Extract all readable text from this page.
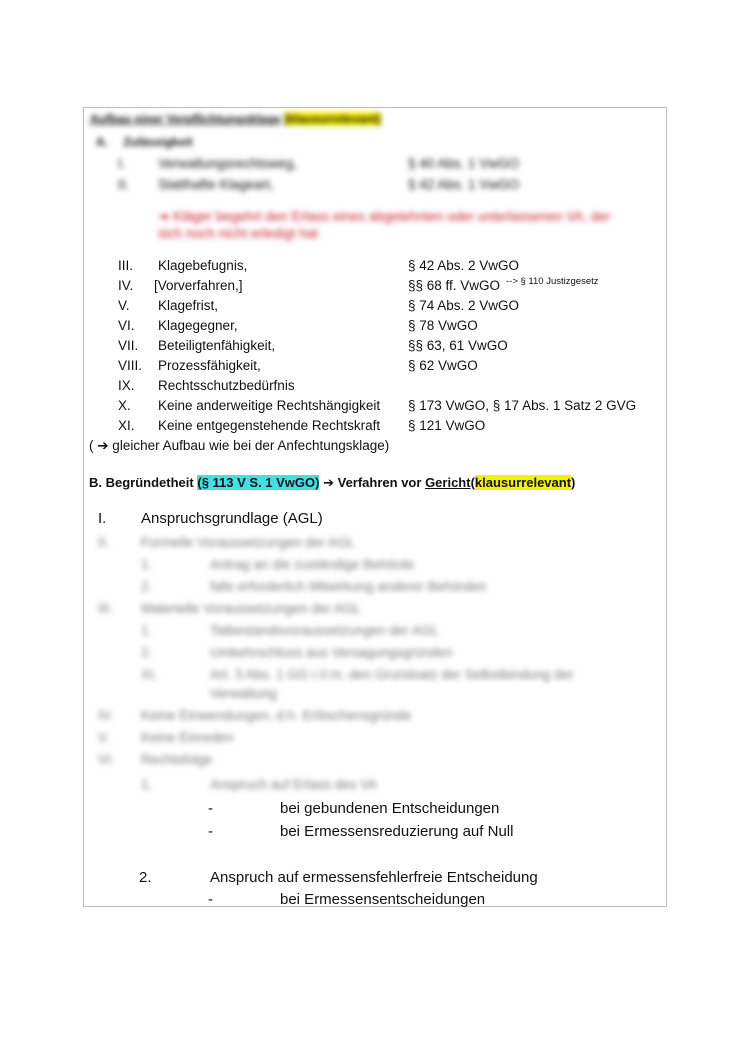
Aufbau einer Verpflichtungsklage (klausurrelevant)
A. Zulässigkeit
I. Verwaltungsrechtsweg,	§ 40 Abs. 1 VwGO
II. Statthafte Klageart,	§ 42 Abs. 1 VwGO
➔ Kläger begehrt den Erlass eines abgelehnten oder unterlassenen VA, der
sich noch nicht erledigt hat
III. Klagebefugnis,	§ 42 Abs. 2 VwGO
IV. [Vorverfahren,]	§§ 68 ff. VwGO --> § 110 Justizgesetz
V. Klagefrist,	§ 74 Abs. 2 VwGO
VI. Klagegegner,	§ 78 VwGO
VII. Beteiligtenfähigkeit,	§§ 63, 61 VwGO
VIII. Prozessfähigkeit,	§ 62 VwGO
IX. Rechtsschutzbedürfnis
X. Keine anderweitige Rechtshängigkeit § 173 VwGO, § 17 Abs. 1 Satz 2 GVG
XI. Keine entgegenstehende Rechtskraft § 121 VwGO
( ➔ gleicher Aufbau wie bei der Anfechtungsklage)
B. Begründetheit (§ 113 V S. 1 VwGO) ➔ Verfahren vor Gericht(klausurrelevant)
I. Anspruchsgrundlage (AGL)
II. Formelle Voraussetzungen der AGL
1.	Antrag an die zuständige Behörde
2.	falls erforderlich Mitwirkung anderer Behörden
III. Materielle Voraussetzungen der AGL
1.	Tatbestandsvoraussetzungen der AGL
2.	Umkehrschluss aus Versagungsgründen
XI.	Art. 3 Abs. 1 GG i.V.m. den Grundsatz der Selbstbindung der
Verwaltung
IV. Keine Einwendungen, d.h. Erlöschensgründe
V. Keine Einreden
VI. Rechtsfolge
1.	Anspruch auf Erlass des VA
-	bei gebundenen Entscheidungen
-	bei Ermessensreduzierung auf Null
2.	Anspruch auf ermessensfehlerfreie Entscheidung
-	bei Ermessensentscheidungen
